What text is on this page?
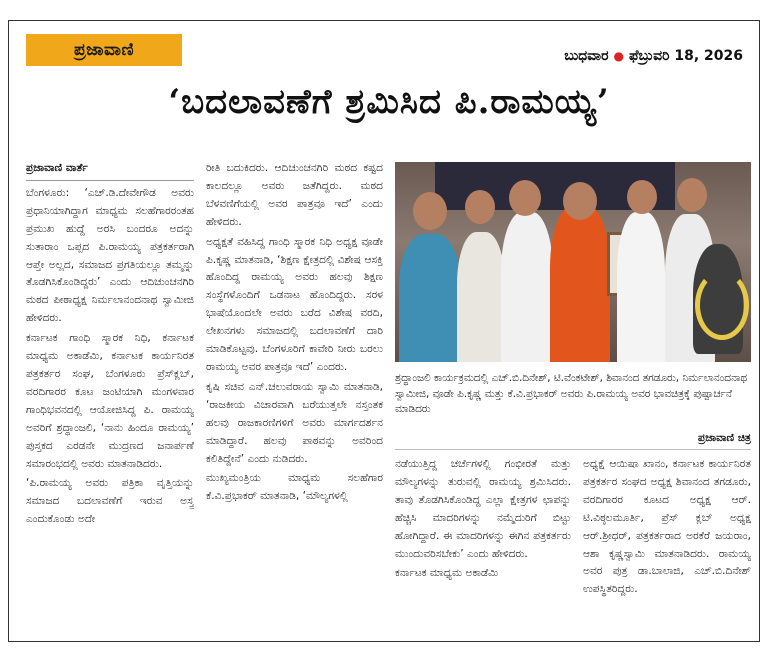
ಪ್ರಜಾವಾಣಿ	ಬುಧವಾರ ● ಫೆಬ್ರುವರಿ 18, 2026
‘ಬದಲಾವಣೆಗೆ ಶ್ರಮಿಸಿದ ಪಿ.ರಾಮಯ್ಯ’
ಪ್ರಜಾವಾಣಿ ವಾರ್ತೆ

ಬೆಂಗಳೂರು: ‘ಎಚ್‌.ಡಿ.ದೇವೇಗೌಡ ಅವರು ಪ್ರಧಾನಿಯಾಗಿದ್ದಾಗ ಮಾಧ್ಯಮ ಸಲಹೆಗಾರರಂತಹ ಪ್ರಮುಖ ಹುದ್ದೆ ಅರಸಿ ಬಂದರೂ ಅದನ್ನು ಸುತಾರಾಂ ಒಪ್ಪದ ಪಿ.ರಾಮಯ್ಯ ಪತ್ರಕರ್ತರಾಗಿ ಆಪ್ತೇ ಅಲ್ಲದ, ಸಮಾಜದ ಪ್ರಗತಿಯಲ್ಲೂ ತಮ್ಮನ್ನು ತೊಡಗಿಸಿಕೊಂಡಿದ್ದರು’ ಎಂದು ಆದಿಚುಂಚನಗಿರಿ ಮಠದ ಪೀಠಾಧ್ಯಕ್ಷ ನಿರ್ಮಲಾನಂದನಾಥ ಸ್ವಾಮೀಜಿ ಹೇಳಿದರು.

ಕರ್ನಾಟಕ ಗಾಂಧಿ ಸ್ಮಾರಕ ನಿಧಿ, ಕರ್ನಾಟಕ ಮಾಧ್ಯಮ ಅಕಾಡೆಮಿ, ಕರ್ನಾಟಕ ಕಾರ್ಯನಿರತ ಪತ್ರಕರ್ತರ ಸಂಘ, ಬೆಂಗಳೂರು ಪ್ರೆಸ್‌ಕ್ಲಬ್‌, ವರದಿಗಾರರ ಕೂಟ ಜಂಟಿಯಾಗಿ ಮಂಗಳವಾರ ಗಾಂಧಿಭವನದಲ್ಲಿ ಆಯೋಜಿಸಿದ್ದ ಪಿ. ರಾಮಯ್ಯ ಅವರಿಗೆ ಶ್ರದ್ಧಾಂಜಲಿ, ‘ನಾನು ಹಿಂದೂ ರಾಮಯ್ಯ’ ಪುಸ್ತಕದ ಎರಡನೇ ಮುದ್ರಣದ ಜನಾರ್ಪಣೆ ಸಮಾರಂಭದಲ್ಲಿ ಅವರು ಮಾತನಾಡಿದರು.

‘ಪಿ.ರಾಮಯ್ಯ ಅವರು ಪತ್ರಿಕಾ ವೃತ್ತಿಯನ್ನು ಸಮಾಜದ ಬದಲಾವಣೆಗೆ ಇರುವ ಅಸ್ತ್ರ ಎಂದುಕೊಂಡು ಅದೇ

ರೀತಿ ಬದುಕಿದರು. ಆದಿಚುಂಚನಗಿರಿ ಮಠದ ಕಷ್ಟದ ಕಾಲದಲ್ಲೂ ಅವರು ಜತೆಗಿದ್ದರು. ಮಠದ ಬೆಳವಣಿಗೆಯಲ್ಲಿ ಅವರ ಪಾತ್ರವೂ ಇದೆ’ ಎಂದು ಹೇಳಿದರು.

ಅಧ್ಯಕ್ಷತೆ ವಹಿಸಿದ್ದ ಗಾಂಧಿ ಸ್ಮಾರಕ ನಿಧಿ ಅಧ್ಯಕ್ಷ ವೂಡೇ ಪಿ.ಕೃಷ್ಣ ಮಾತನಾಡಿ, ‘ಶಿಕ್ಷಣ ಕ್ಷೇತ್ರದಲ್ಲಿ ವಿಶೇಷ ಆಸಕ್ತಿ ಹೊಂದಿದ್ದ ರಾಮಯ್ಯ ಅವರು ಹಲವು ಶಿಕ್ಷಣ ಸಂಸ್ಥೆಗಳೊಂದಿಗೆ ಒಡನಾಟ ಹೊಂದಿದ್ದರು. ಸರಳ ಭಾಷೆಯೊಂದಲೇ ಅವರು ಬರೆದ ವಿಶೇಷ ವರದಿ, ಲೇಖನಗಳು ಸಮಾಜದಲ್ಲಿ ಬದಲಾವಣೆಗೆ ದಾರಿ ಮಾಡಿಕೊಟ್ಟವು. ಬೆಂಗಳೂರಿಗೆ ಕಾವೇರಿ ನೀರು ಬರಲು ರಾಮಯ್ಯ ಅವರ ಪಾತ್ರವೂ ಇದೆ’ ಎಂದರು.

ಕೃಷಿ ಸಚಿವ ಎನ್‌.ಚಲುವರಾಯ ಸ್ವಾಮಿ ಮಾತನಾಡಿ, ‘ರಾಜಕೀಯ ವಿಚಾರವಾಗಿ ಬರೆಯುತ್ತಲೇ ನಸ್ತಂತಕ ಹಲವು ರಾಜಕಾರಣಿಗಳಿಗೆ ಅವರು ಮಾರ್ಗದರ್ಶನ ಮಾಡಿದ್ದಾರೆ. ಹಲವು ಪಾಠವನ್ನು ಅವರಿಂದ ಕಲಿತಿದ್ದೇನೆ’ ಎಂದು ನುಡಿದರು.

ಮುಖ್ಯಮಂತ್ರಿಯ ಮಾಧ್ಯಮ ಸಲಹೆಗಾರ ಕೆ.ವಿ.ಪ್ರಭಾಕರ್ ಮಾತನಾಡಿ, ‘ಮೌಲ್ಯಗಳಲ್ಲಿ

ಶ್ರದ್ಧಾಂಜಲಿ ಕಾರ್ಯಕ್ರಮದಲ್ಲಿ ಎಚ್‌.ಬಿ.ದಿನೇಶ್‌, ಟಿ.ವೆಂಕಟೇಶ್‌, ಶಿವಾನಂದ ತಗಡೂರು, ನಿರ್ಮಲಾನಂದನಾಥ ಸ್ವಾಮೀಜಿ, ವೂಡೇ ಪಿ.ಕೃಷ್ಣ ಮತ್ತು ಕೆ.ವಿ.ಪ್ರಭಾಕರ್ ಅವರು ಪಿ.ರಾಮಯ್ಯ ಅವರ ಭಾವಚಿತ್ರಕ್ಕೆ ಪುಷ್ಪಾರ್ಚನೆ ಮಾಡಿದರು
ಪ್ರಜಾವಾಣಿ ಚಿತ್ರ

ನಡೆಯುತ್ತಿದ್ದ ಚರ್ಚೆಗಳಲ್ಲಿ ಗಂಭೀರತೆ ಮತ್ತು ಮೌಲ್ಯಗಳನ್ನು ತುರುವಲ್ಲಿ ರಾಮಯ್ಯ ಶ್ರಮಿಸಿದರು. ತಾವು ತೊಡಗಿಸಿಕೊಂಡಿದ್ದ ಎಲ್ಲಾ ಕ್ಷೇತ್ರಗಳ ಛಾಪನ್ನು ಹೆಚ್ಚಿಸಿ ಮಾದರಿಗಳನ್ನು ನಮ್ಮೆದುರಿಗೆ ಬಿಟ್ಟು ಹೋಗಿದ್ದಾರೆ. ಈ ಮಾದರಿಗಳನ್ನು ಈಗಿನ ಪತ್ರಕರ್ತರು ಮುಂದುವರಿಸಬೇಕು’ ಎಂದು ಹೇಳಿದರು.

ಕರ್ನಾಟಕ ಮಾಧ್ಯಮ ಅಕಾಡೆಮಿ

ಅಧ್ಯಕ್ಷೆ ಆಯಿಷಾ ಖಾನಂ, ಕರ್ನಾಟಕ ಕಾರ್ಯನಿರತ ಪತ್ರಕರ್ತರ ಸಂಘದ ಅಧ್ಯಕ್ಷ ಶಿವಾನಂದ ತಗಡೂರು, ವರದಿಗಾರರ ಕೂಟದ ಅಧ್ಯಕ್ಷ ಆರ್. ಟಿ.ವಿಠ್ಠಲಮೂರ್ತಿ, ಪ್ರೆಸ್‌ ಕ್ಲಬ್‌ ಅಧ್ಯಕ್ಷ ಆರ್.ಶ್ರೀಧರ್‌, ಪತ್ರಕರ್ತರಾದ ಅರಕೆರೆ ಜಯರಾಂ, ಆಶಾ ಕೃಷ್ಣಸ್ವಾಮಿ ಮಾತನಾಡಿದರು. ರಾಮಯ್ಯ ಅವರ ಪುತ್ರ ಡಾ.ಬಾಲಾಜಿ, ಎಚ್‌.ಬಿ.ದಿನೇಶ್ ಉಪಸ್ಥಿತರಿದ್ದರು.
